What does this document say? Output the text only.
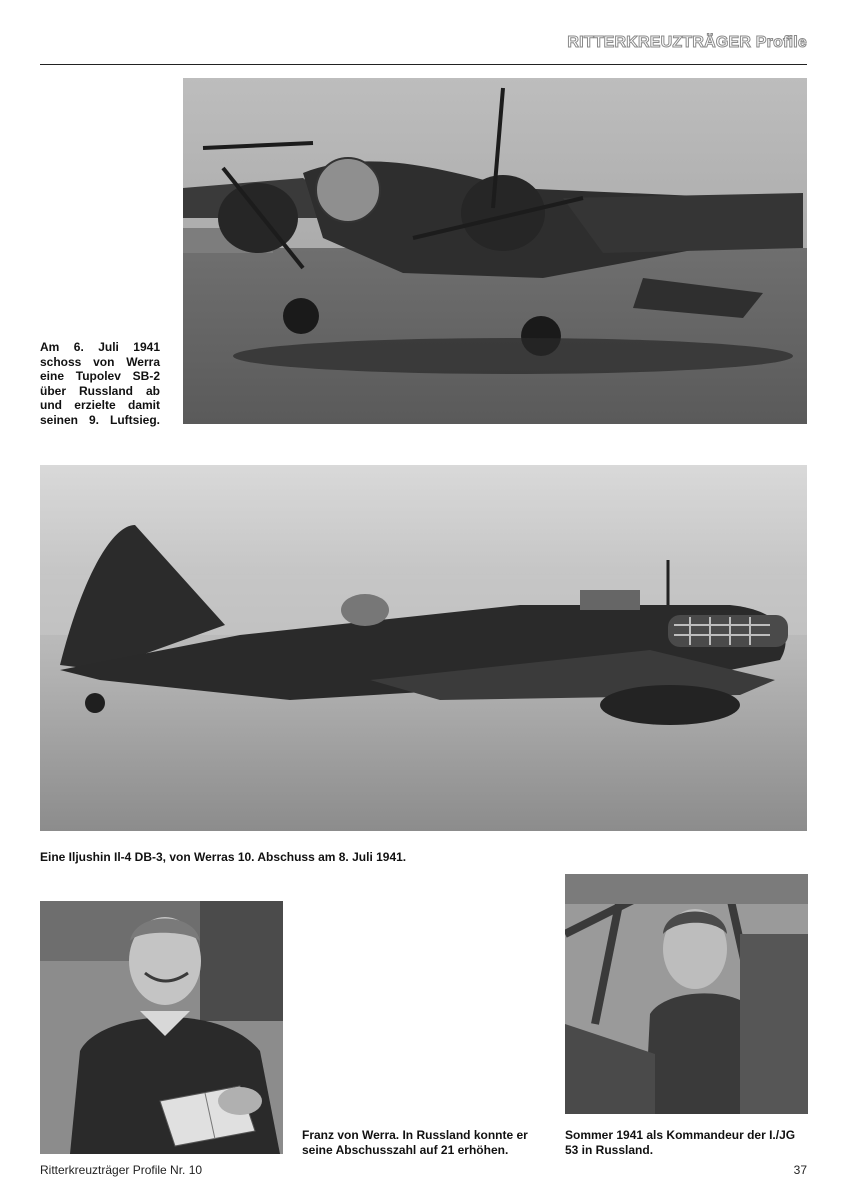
RITTERKREUZTRÄGER Profile
Am 6. Juli 1941
schoss von Werra
eine Tupolev SB-2
über Russland ab
und erzielte damit
seinen 9. Luftsieg.
Eine Iljushin Il-4 DB-3, von Werras 10. Abschuss am 8. Juli 1941.
Franz von Werra. In Russland konnte er seine Abschusszahl auf 21 erhöhen.
Sommer 1941 als Kommandeur der I./JG 53 in Russland.
Ritterkreuzträger Profile Nr. 10	37
